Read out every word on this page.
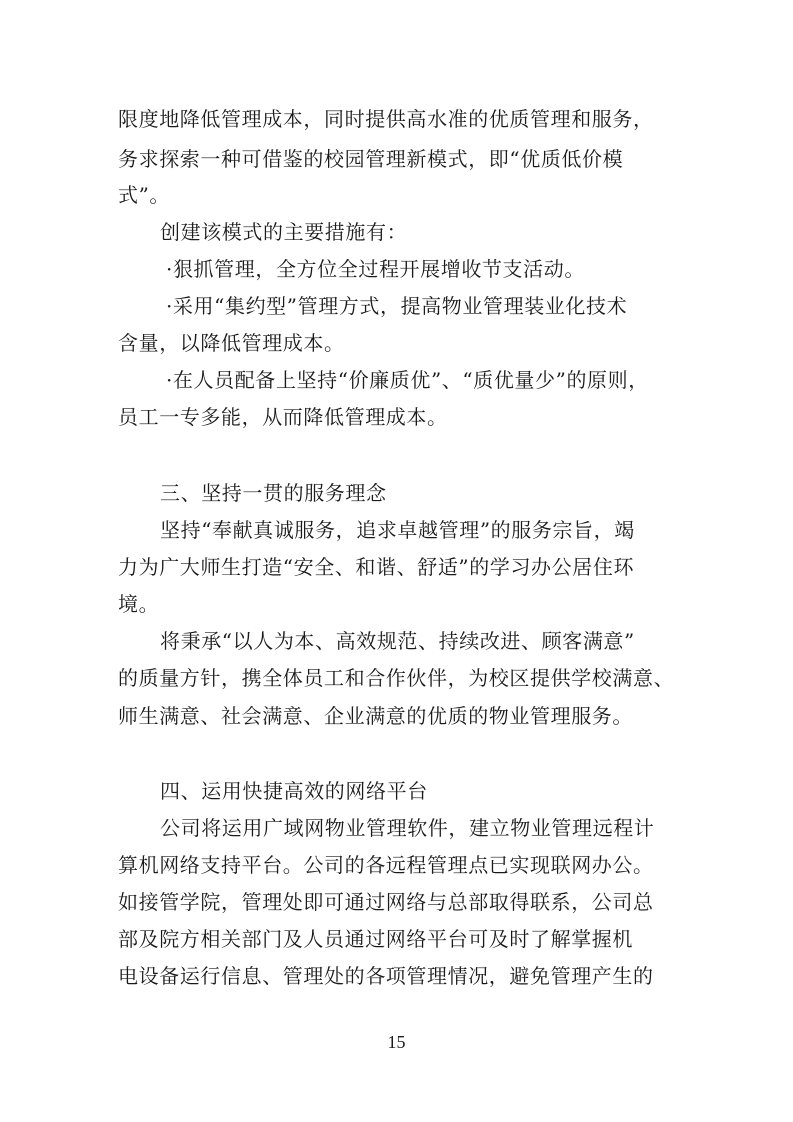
限度地降低管理成本，同时提供高水准的优质管理和服务，
务求探索一种可借鉴的校园管理新模式，即“优质低价模
式”。
创建该模式的主要措施有：
·狠抓管理，全方位全过程开展增收节支活动。
·采用“集约型”管理方式，提高物业管理装业化技术
含量，以降低管理成本。
·在人员配备上坚持“价廉质优”、“质优量少”的原则，
员工一专多能，从而降低管理成本。
三、坚持一贯的服务理念
坚持“奉献真诚服务，追求卓越管理”的服务宗旨，竭
力为广大师生打造“安全、和谐、舒适”的学习办公居住环
境。
将秉承“以人为本、高效规范、持续改进、顾客满意”
的质量方针，携全体员工和合作伙伴，为校区提供学校满意、
师生满意、社会满意、企业满意的优质的物业管理服务。
四、运用快捷高效的网络平台
公司将运用广域网物业管理软件，建立物业管理远程计
算机网络支持平台。公司的各远程管理点已实现联网办公。
如接管学院，管理处即可通过网络与总部取得联系，公司总
部及院方相关部门及人员通过网络平台可及时了解掌握机
电设备运行信息、管理处的各项管理情况，避免管理产生的
15
